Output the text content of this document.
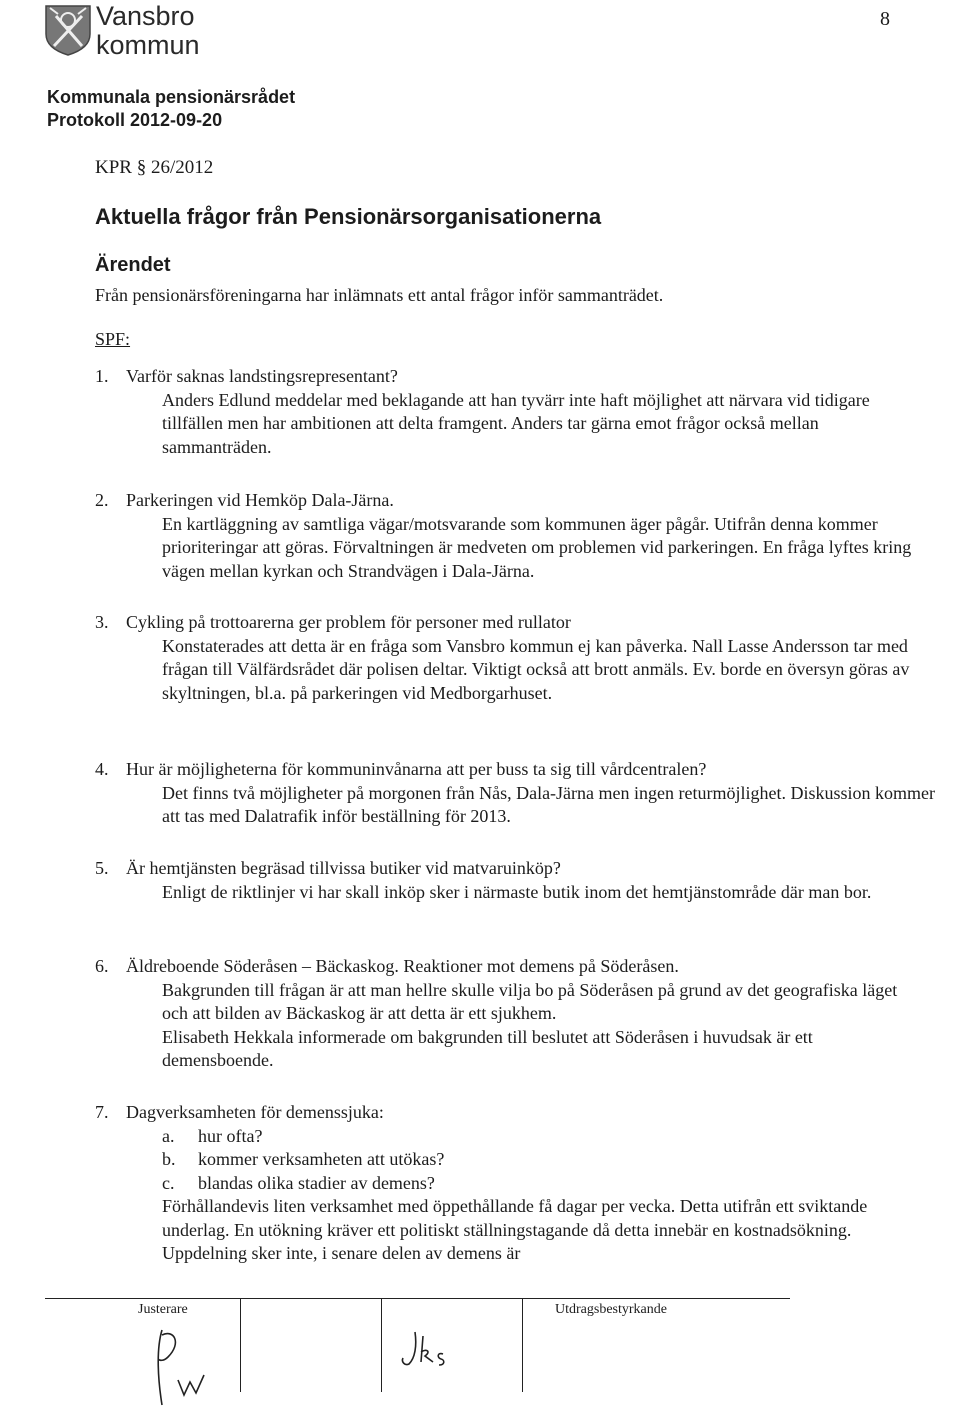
Vansbro
kommun
8
Kommunala pensionärsrådet
Protokoll 2012-09-20
KPR § 26/2012
Aktuella frågor från Pensionärsorganisationerna
Ärendet
Från pensionärsföreningarna har inlämnats ett antal frågor inför sammanträdet.
SPF:
1. Varför saknas landstingsrepresentant?
Anders Edlund meddelar med beklagande att han tyvärr inte haft möjlighet att närvara vid tidigare tillfällen men har ambitionen att delta framgent. Anders tar gärna emot frågor också mellan sammanträden.
2. Parkeringen vid Hemköp Dala-Järna.
En kartläggning av samtliga vägar/motsvarande som kommunen äger pågår. Utifrån denna kommer prioriteringar att göras. Förvaltningen är medveten om problemen vid parkeringen. En fråga lyftes kring vägen mellan kyrkan och Strandvägen i Dala-Järna.
3. Cykling på trottoarerna ger problem för personer med rullator
Konstaterades att detta är en fråga som Vansbro kommun ej kan påverka. Nall Lasse Andersson tar med frågan till Välfärdsrådet där polisen deltar. Viktigt också att brott anmäls. Ev. borde en översyn göras av skyltningen, bl.a. på parkeringen vid Medborgarhuset.
4. Hur är möjligheterna för kommuninvånarna att per buss ta sig till vårdcentralen?
Det finns två möjligheter på morgonen från Nås, Dala-Järna men ingen returmöjlighet. Diskussion kommer att tas med Dalatrafik inför beställning för 2013.
5. Är hemtjänsten begräsad tillvissa butiker vid matvaruinköp?
Enligt de riktlinjer vi har skall inköp sker i närmaste butik inom det hemtjänstområde där man bor.
6. Äldreboende Söderåsen – Bäckaskog. Reaktioner mot demens på Söderåsen.
Bakgrunden till frågan är att man hellre skulle vilja bo på Söderåsen på grund av det geografiska läget och att bilden av Bäckaskog är att detta är ett sjukhem.
Elisabeth Hekkala informerade om bakgrunden till beslutet att Söderåsen i huvudsak är ett demensboende.
7. Dagverksamheten för demenssjuka:
a. hur ofta?
b. kommer verksamheten att utökas?
c. blandas olika stadier av demens?
Förhållandevis liten verksamhet med öppethållande få dagar per vecka. Detta utifrån ett sviktande underlag. En utökning kräver ett politiskt ställningstagande då detta innebär en kostnadsökning. Uppdelning sker inte, i senare delen av demens är
Justerare	Utdragsbestyrkande
